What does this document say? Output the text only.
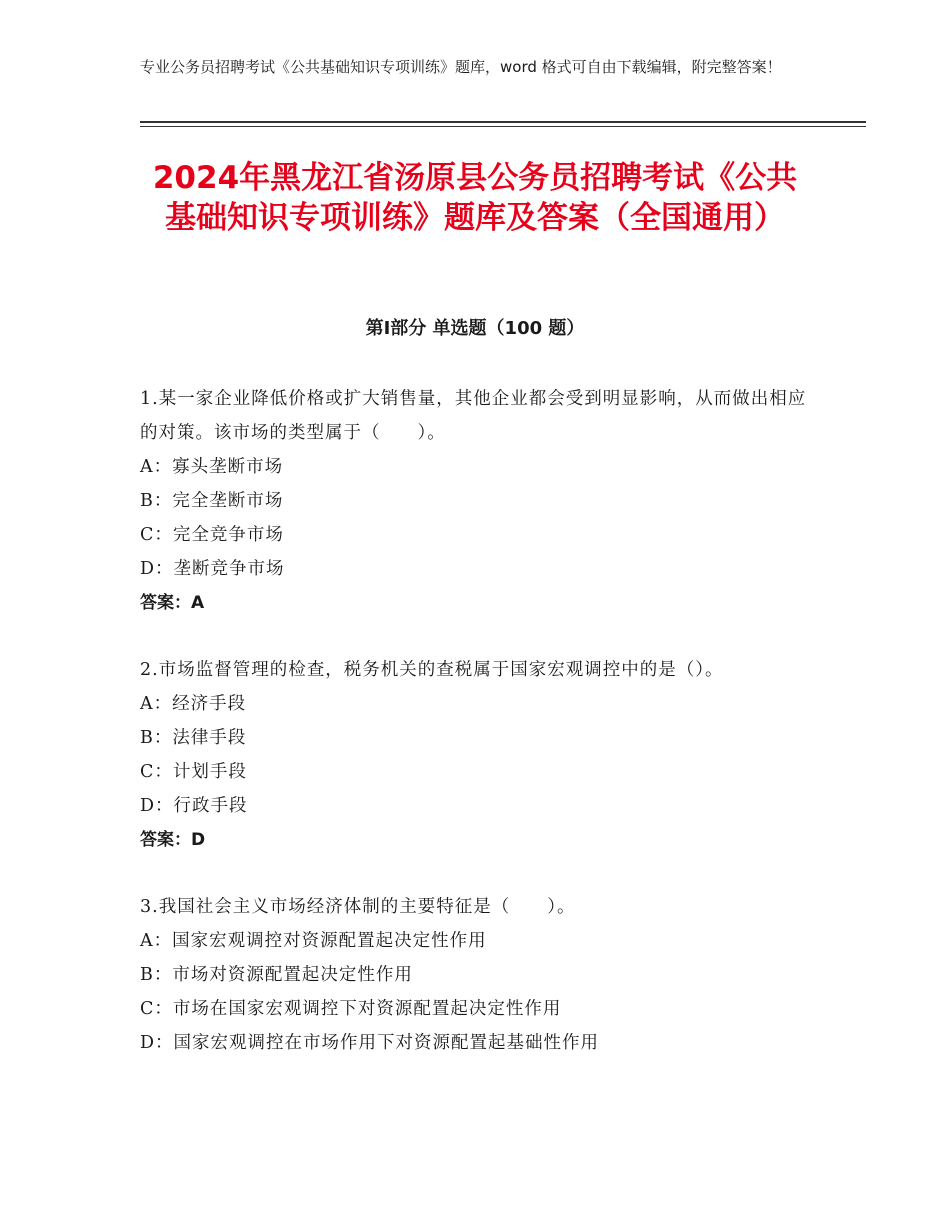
专业公务员招聘考试《公共基础知识专项训练》题库，word 格式可自由下载编辑，附完整答案！
2024年黑龙江省汤原县公务员招聘考试《公共基础知识专项训练》题库及答案（全国通用）
第Ⅰ部分 单选题（100 题）

1.某一家企业降低价格或扩大销售量，其他企业都会受到明显影响，从而做出相应的对策。该市场的类型属于（　　）。

A：寡头垄断市场

B：完全垄断市场

C：完全竞争市场

D：垄断竞争市场

答案：A

2.市场监督管理的检查，税务机关的查税属于国家宏观调控中的是（）。

A：经济手段

B：法律手段

C：计划手段

D：行政手段

答案：D

3.我国社会主义市场经济体制的主要特征是（　　）。

A：国家宏观调控对资源配置起决定性作用

B：市场对资源配置起决定性作用

C：市场在国家宏观调控下对资源配置起决定性作用

D：国家宏观调控在市场作用下对资源配置起基础性作用
